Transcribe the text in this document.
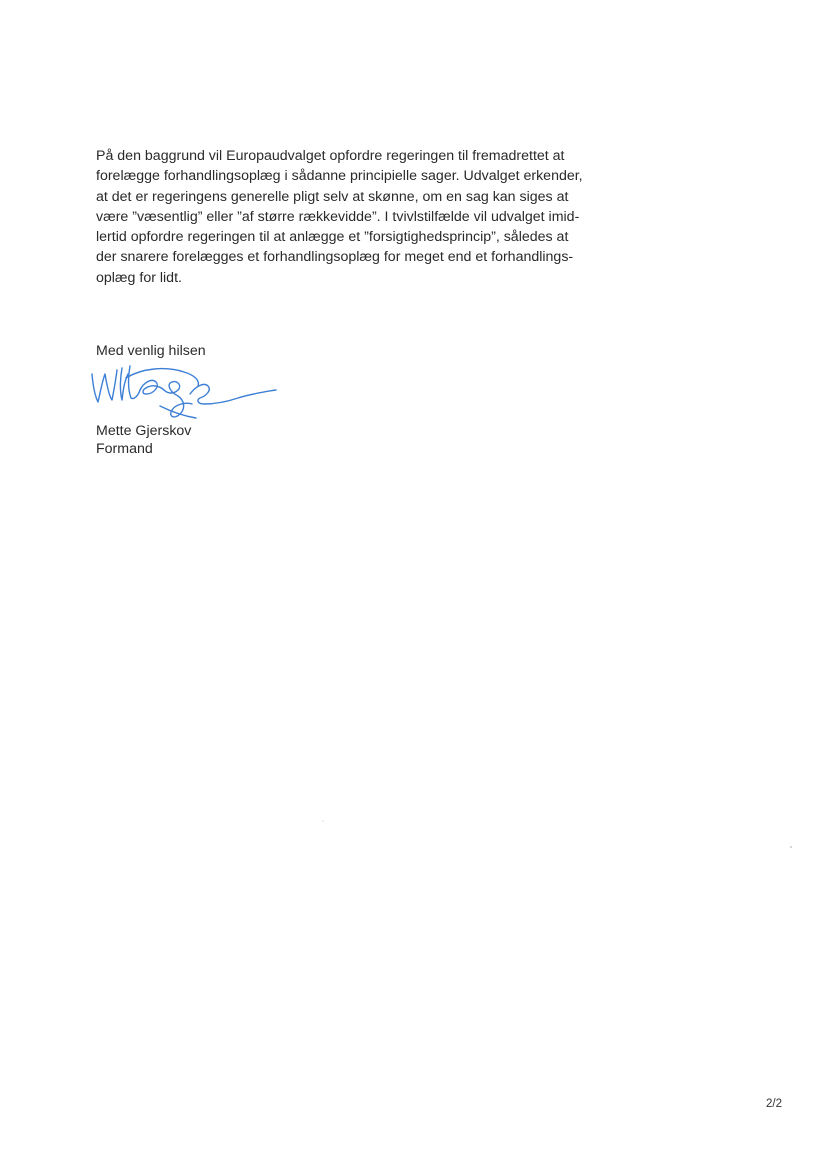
På den baggrund vil Europaudvalget opfordre regeringen til fremadrettet at
forelægge forhandlingsoplæg i sådanne principielle sager. Udvalget erkender,
at det er regeringens generelle pligt selv at skønne, om en sag kan siges at
være ”væsentlig” eller ”af større rækkevidde”. I tvivlstilfælde vil udvalget imid-
lertid opfordre regeringen til at anlægge et ”forsigtighedsprincip”, således at
der snarere forelægges et forhandlingsoplæg for meget end et forhandlings-
oplæg for lidt.

Med venlig hilsen

Mette Gjerskov

Formand

2/2
